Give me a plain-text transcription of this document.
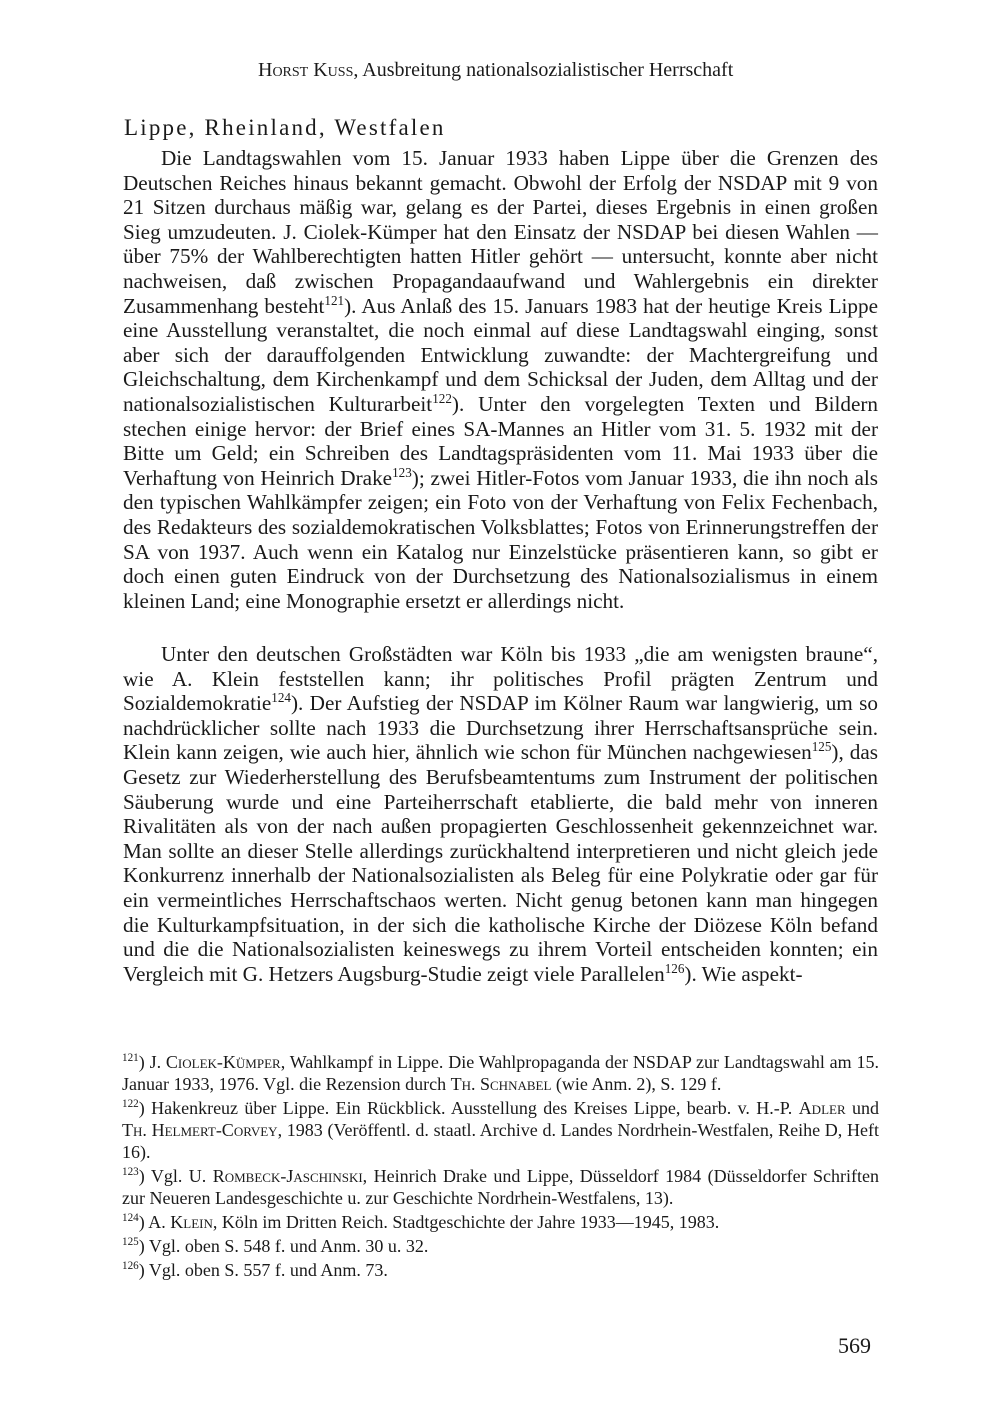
Horst Kuss, Ausbreitung nationalsozialistischer Herrschaft
Lippe, Rheinland, Westfalen

Die Landtagswahlen vom 15. Januar 1933 haben Lippe über die Grenzen des Deutschen Reiches hinaus bekannt gemacht. Obwohl der Erfolg der NSDAP mit 9 von 21 Sitzen durchaus mäßig war, gelang es der Partei, dieses Ergebnis in einen großen Sieg umzudeuten. J. Ciolek-Kümper hat den Einsatz der NSDAP bei diesen Wahlen — über 75% der Wahlberechtigten hatten Hitler gehört — untersucht, konnte aber nicht nachweisen, daß zwischen Propagandaaufwand und Wahlergebnis ein direkter Zusammenhang besteht$^{121}$). Aus Anlaß des 15. Januars 1983 hat der heutige Kreis Lippe eine Ausstellung veranstaltet, die noch einmal auf diese Landtagswahl einging, sonst aber sich der darauffolgenden Entwicklung zuwandte: der Machtergreifung und Gleichschaltung, dem Kirchenkampf und dem Schicksal der Juden, dem Alltag und der nationalsozialistischen Kulturarbeit$^{122}$). Unter den vorgelegten Texten und Bildern stechen einige hervor: der Brief eines SA-Mannes an Hitler vom 31. 5. 1932 mit der Bitte um Geld; ein Schreiben des Landtagspräsidenten vom 11. Mai 1933 über die Verhaftung von Heinrich Drake$^{123}$); zwei Hitler-Fotos vom Januar 1933, die ihn noch als den typischen Wahlkämpfer zeigen; ein Foto von der Verhaftung von Felix Fechenbach, des Redakteurs des sozialdemokratischen Volksblattes; Fotos von Erinnerungstreffen der SA von 1937. Auch wenn ein Katalog nur Einzelstücke präsentieren kann, so gibt er doch einen guten Eindruck von der Durchsetzung des Nationalsozialismus in einem kleinen Land; eine Monographie ersetzt er allerdings nicht.

Unter den deutschen Großstädten war Köln bis 1933 „die am wenigsten braune“, wie A. Klein feststellen kann; ihr politisches Profil prägten Zentrum und Sozialdemokratie$^{124}$). Der Aufstieg der NSDAP im Kölner Raum war langwierig, um so nachdrücklicher sollte nach 1933 die Durchsetzung ihrer Herrschaftsansprüche sein. Klein kann zeigen, wie auch hier, ähnlich wie schon für München nachgewiesen$^{125}$), das Gesetz zur Wiederherstellung des Berufsbeamtentums zum Instrument der politischen Säuberung wurde und eine Parteiherrschaft etablierte, die bald mehr von inneren Rivalitäten als von der nach außen propagierten Geschlossenheit gekennzeichnet war. Man sollte an dieser Stelle allerdings zurückhaltend interpretieren und nicht gleich jede Konkurrenz innerhalb der Nationalsozialisten als Beleg für eine Polykratie oder gar für ein vermeintliches Herrschaftschaos werten. Nicht genug betonen kann man hingegen die Kulturkampfsituation, in der sich die katholische Kirche der Diözese Köln befand und die die Nationalsozialisten keineswegs zu ihrem Vorteil entscheiden konnten; ein Vergleich mit G. Hetzers Augsburg-Studie zeigt viele Parallelen$^{126}$). Wie aspekt-

$^{121}$) J. Ciolek-Kümper, Wahlkampf in Lippe. Die Wahlpropaganda der NSDAP zur Landtagswahl am 15. Januar 1933, 1976. Vgl. die Rezension durch Th. Schnabel (wie Anm. 2), S. 129 f.

$^{122}$) Hakenkreuz über Lippe. Ein Rückblick. Ausstellung des Kreises Lippe, bearb. v. H.-P. Adler und Th. Helmert-Corvey, 1983 (Veröffentl. d. staatl. Archive d. Landes Nordrhein-Westfalen, Reihe D, Heft 16).

$^{123}$) Vgl. U. Rombeck-Jaschinski, Heinrich Drake und Lippe, Düsseldorf 1984 (Düsseldorfer Schriften zur Neueren Landesgeschichte u. zur Geschichte Nordrhein-Westfalens, 13).

$^{124}$) A. Klein, Köln im Dritten Reich. Stadtgeschichte der Jahre 1933—1945, 1983.

$^{125}$) Vgl. oben S. 548 f. und Anm. 30 u. 32.

$^{126}$) Vgl. oben S. 557 f. und Anm. 73.

569
